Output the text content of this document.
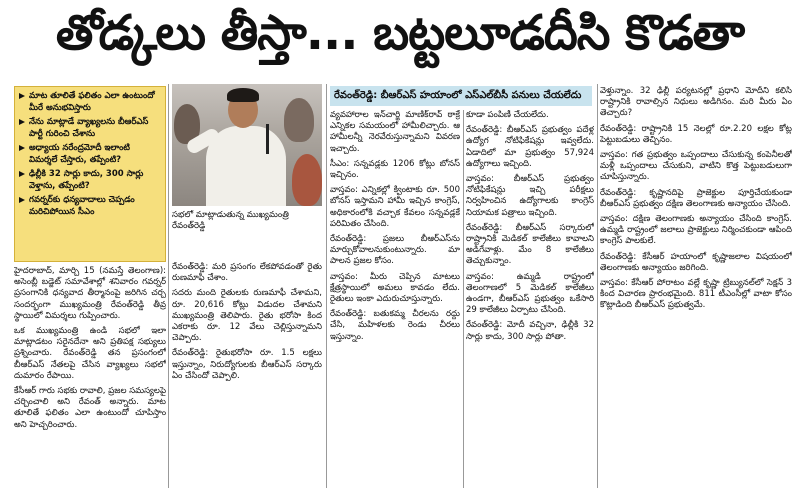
తోడ్కలు తీస్తా... బట్టలూడదీసి కొడతా
మాట తూలితే ఫలితం ఎలా ఉంటుందో మీరే అనుభవిస్తారు
నేను మాట్లాడే వ్యాఖ్యలను బీఆర్ఎస్ పార్టీ గురించి చేశాను
అధ్యాయ నరేంద్రమోదీ ఇలాంటి విమర్శలే చేస్తారు, తప్పేంటి?
ఢిల్లీకి 32 సార్లు కాదు, 300 సార్లు వెళ్తాను, తప్పేంటి?
గవర్నర్‌కు ధన్యవాదాలు చెప్పడం మరిచిపోయిన సీఎం	సభలో మాట్లాడుతున్న ముఖ్యమంత్రి రేవంత్‌రెడ్డి
రేవంత్‌రెడ్డి: బీఆర్ఎస్ హయాంలో ఎస్ఎల్‌బీసీ పనులు చేయలేదు

హైదరాబాద్, మార్చి 15 (నమస్తే తెలంగాణ): అసెంబ్లీ బడ్జెట్ సమావేశాల్లో శనివారం గవర్నర్ ప్రసంగానికి ధన్యవాద తీర్మానంపై జరిగిన చర్చ సందర్భంగా ముఖ్యమంత్రి రేవంత్‌రెడ్డి తీవ్ర స్థాయిలో విమర్శలు గుప్పించారు.

ఒక ముఖ్యమంత్రి ఉండి సభలో ఇలా మాట్లాడటం సరైనదేనా అని ప్రతిపక్ష సభ్యులు ప్రశ్నించారు. రేవంత్‌రెడ్డి తన ప్రసంగంలో బీఆర్ఎస్ నేతలపై చేసిన వ్యాఖ్యలు సభలో దుమారం రేపాయి.

కేసీఆర్ గారు సభకు రావాలి, ప్రజల సమస్యలపై చర్చించాలి అని రేవంత్ అన్నారు. మాట తూలితే ఫలితం ఎలా ఉంటుందో చూపిస్తాం అని హెచ్చరించారు.

రేవంత్‌రెడ్డి: మరి ప్రసంగం లేకపోవడంతో రైతు రుణమాఫీ చేశాం.

సదరు మంది రైతులకు రుణమాఫీ చేశామని, రూ. 20,616 కోట్లు విడుదల చేశామని ముఖ్యమంత్రి తెలిపారు. రైతు భరోసా కింద ఎకరాకు రూ. 12 వేలు చెల్లిస్తున్నామని చెప్పారు.

రేవంత్‌రెడ్డి: రైతుభరోసా రూ. 1.5 లక్షలు ఇస్తున్నాం, నిరుద్యోగులకు బీఆర్ఎస్ సర్కారు ఏం చేసిందో చెప్పాలి.

వ్యవహారాల ఇన్‌చార్జి మాణిక్‌రావ్ ఠాక్రే ఎన్నికల సమయంలో హామీలిచ్చారు. ఆ హామీలన్నీ నెరవేరుస్తున్నామని వివరణ ఇచ్చారు.

సీఎం: సన్నవడ్లకు 1206 కోట్లు బోనస్ ఇచ్చినం.

వాస్తవం: ఎన్నికల్లో క్వింటాకు రూ. 500 బోనస్ ఇస్తామని హామీ ఇచ్చిన కాంగ్రెస్, అధికారంలోకి వచ్చాక కేవలం సన్నవడ్లకే పరిమితం చేసింది.

రేవంత్‌రెడ్డి: ప్రజలు బీఆర్ఎస్‌ను మార్చుకోవాలనుకుంటున్నారు. మా పాలన ప్రజల కోసం.

వాస్తవం: మీరు చెప్పిన మాటలు క్షేత్రస్థాయిలో అమలు కావడం లేదు. రైతులు ఇంకా ఎదురుచూస్తున్నారు.

రేవంత్‌రెడ్డి: బతుకమ్మ చీరలను రద్దు చేసి, మహిళలకు రెండు చీరలు ఇస్తున్నాం.

కూడా పంపిణీ చేయలేదు.

రేవంత్‌రెడ్డి: బీఆర్ఎస్ ప్రభుత్వం పదేళ్ల ఉద్యోగ నోటిఫికేషన్లు ఇవ్వలేదు. ఏడాదిలో మా ప్రభుత్వం 57,924 ఉద్యోగాలు ఇచ్చింది.

వాస్తవం: బీఆర్ఎస్ ప్రభుత్వం నోటిఫికేషన్లు ఇచ్చి పరీక్షలు నిర్వహించిన ఉద్యోగాలకు కాంగ్రెస్ నియామక పత్రాలు ఇచ్చింది.

రేవంత్‌రెడ్డి: బీఆర్ఎస్ సర్కారులో రాష్ట్రానికి మెడికల్ కాలేజీలు కావాలని అడిగేవాళ్లు. మేం 8 కాలేజీలు తెచ్చుకున్నాం.

వాస్తవం: ఉమ్మడి రాష్ట్రంలో తెలంగాణలో 5 మెడికల్ కాలేజీలు ఉండగా, బీఆర్ఎస్ ప్రభుత్వం ఒకేసారి 29 కాలేజీలు ఏర్పాటు చేసింది.

రేవంత్‌రెడ్డి: మోదీ వచ్చినా, ఢిల్లీకి 32 సార్లు కాదు, 300 సార్లు పోతా.

వెళ్తున్నాం. 32 ఢిల్లీ పర్యటనల్లో ప్రధాని మోదీని కలిసి రాష్ట్రానికి రావాల్సిన నిధులు అడిగినం. మరి మీరు ఏం తెచ్చారు?

రేవంత్‌రెడ్డి: రాష్ట్రానికి 15 నెలల్లో రూ.2.20 లక్షల కోట్ల పెట్టుబడులు తెచ్చినం.

వాస్తవం: గత ప్రభుత్వం ఒప్పందాలు చేసుకున్న కంపెనీలతో మళ్లీ ఒప్పందాలు చేసుకుని, వాటిని కొత్త పెట్టుబడులుగా చూపిస్తున్నారు.

రేవంత్‌రెడ్డి: కృష్ణానదిపై ప్రాజెక్టుల పూర్తిచేయకుండా బీఆర్ఎస్ ప్రభుత్వం దక్షిణ తెలంగాణకు అన్యాయం చేసింది.

వాస్తవం: దక్షిణ తెలంగాణకు అన్యాయం చేసింది కాంగ్రెస్. ఉమ్మడి రాష్ట్రంలో జలాలు ప్రాజెక్టులు నిర్మించకుండా ఆపింది కాంగ్రెస్ పాలకులే.

రేవంత్‌రెడ్డి: కేసీఆర్ హయాంలో కృష్ణాజలాల విషయంలో తెలంగాణకు అన్యాయం జరిగింది.

వాస్తవం: కేసీఆర్ పోరాటం వల్లే కృష్ణా ట్రిబ్యునల్‌లో సెక్షన్ 3 కింద విచారణ ప్రారంభమైంది. 811 టీఎంసీల్లో వాటా కోసం కొట్లాడింది బీఆర్ఎస్ ప్రభుత్వమే.
